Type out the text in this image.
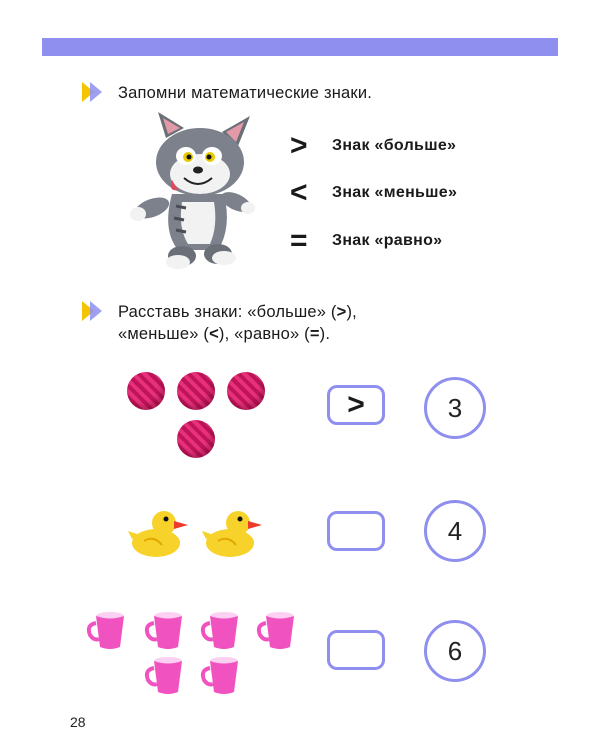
Запомни математические знаки.
>	Знак «больше»
<	Знак «меньше»
=	Знак «равно»
Расставь знаки: «больше» (>),
«меньше» (<), «равно» (=).
>	3
4
6
28
